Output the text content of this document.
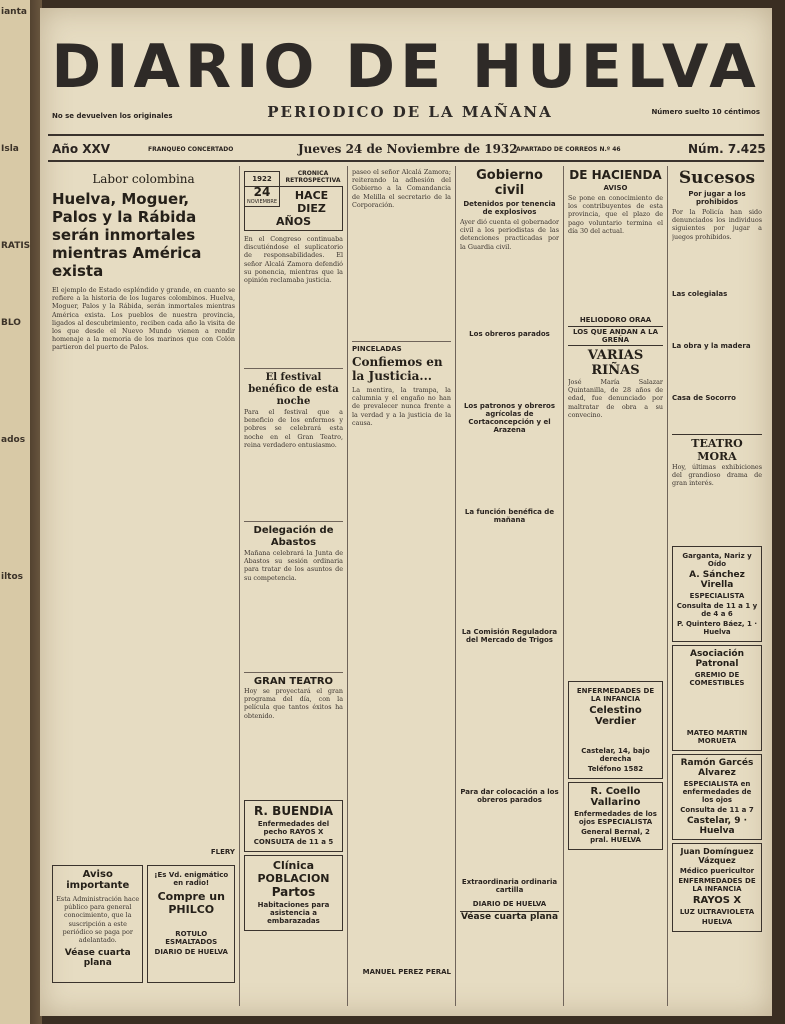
ianta
Isla
RATIS
BLO
ados
iltos
DIARIO DE HUELVA
No se devuelven los originales	PERIODICO DE LA MAÑANA	Número suelto 10 céntimos
Año XXV	FRANQUEO CONCERTADO	Jueves 24 de Noviembre de 1932
APARTADO DE CORREOS N.º 46	Núm. 7.425
Labor colombina
Huelva, Moguer, Palos y la Rábida serán inmortales mientras América exista
El ejemplo de Estado espléndido y grande, en cuanto se refiere a la historia de los lugares colombinos. Huelva, Moguer, Palos y la Rábida, serán inmortales mientras América exista. Los pueblos de nuestra provincia, ligados al descubrimiento, reciben cada año la visita de los que desde el Nuevo Mundo vienen a rendir homenaje a la memoria de los marinos que con Colón partieron del puerto de Palos.
FLERY
Aviso importante
Esta Administración hace público para general conocimiento, que la suscripción a este periódico se paga por adelantado.
Véase cuarta plana
¡Es Vd. enigmático en radio!
Compre un PHILCO
ROTULO ESMALTADOS
DIARIO DE HUELVA
1922
24
NOVIEMBRE
CRONICA RETROSPECTIVA
HACE DIEZ AÑOS
En el Congreso continuaba discutiéndose el suplicatorio de responsabilidades. El señor Alcalá Zamora defendió su ponencia, mientras que la opinión reclamaba justicia.
El festival benéfico de esta noche
Para el festival que a beneficio de los enfermos y pobres se celebrará esta noche en el Gran Teatro, reina verdadero entusiasmo.
Delegación de Abastos
Mañana celebrará la Junta de Abastos su sesión ordinaria para tratar de los asuntos de su competencia.
GRAN TEATRO
Hoy se proyectará el gran programa del día, con la película que tantos éxitos ha obtenido.
R. BUENDIA
Enfermedades del pecho RAYOS X
CONSULTA de 11 a 5
Clínica POBLACION
Partos
Habitaciones para asistencia a embarazadas
paseo el señor Alcalá Zamora; reiterando la adhesión del Gobierno a la Comandancia de Melilla el secretario de la Corporación.
PINCELADAS
Confiemos en la Justicia...
La mentira, la trampa, la calumnia y el engaño no han de prevalecer nunca frente a la verdad y a la justicia de la causa.
MANUEL PEREZ PERAL
Gobierno civil
Detenidos por tenencia de explosivos
Ayer dió cuenta el gobernador civil a los periodistas de las detenciones practicadas por la Guardia civil.
Los obreros parados
Los patronos y obreros agrícolas de Cortaconcepción y el Arazena
La función benéfica de mañana
La Comisión Reguladora del Mercado de Trigos
Para dar colocación a los obreros parados
Extraordinaria ordinaria cartilla
DIARIO DE HUELVA
Véase cuarta plana
DE HACIENDA
AVISO
Se pone en conocimiento de los contribuyentes de esta provincia, que el plazo de pago voluntario termina el día 30 del actual.
HELIODORO ORAA
LOS QUE ANDAN A LA GREÑA
VARIAS RIÑAS
José María Salazar Quintanilla, de 28 años de edad, fue denunciado por maltratar de obra a su convecino.
ENFERMEDADES DE LA INFANCIA
Celestino Verdier
Castelar, 14, bajo derecha
Teléfono 1582
R. Coello Vallarino
Enfermedades de los ojos ESPECIALISTA
General Bernal, 2 pral. HUELVA
Sucesos
Por jugar a los prohibidos
Por la Policía han sido denunciados los individuos siguientes por jugar a juegos prohibidos.
Las colegialas
La obra y la madera
Casa de Socorro
TEATRO MORA
Hoy, últimas exhibiciones del grandioso drama de gran interés.
Garganta, Nariz y Oído
A. Sánchez Virella
ESPECIALISTA
Consulta de 11 a 1 y de 4 a 6
P. Quintero Báez, 1 · Huelva
Asociación Patronal
GREMIO DE COMESTIBLES
MATEO MARTIN MORUETA
Ramón Garcés Alvarez
ESPECIALISTA en enfermedades de los ojos
Consulta de 11 a 7
Castelar, 9 · Huelva
Juan Domínguez Vázquez
Médico puericultor
ENFERMEDADES DE LA INFANCIA
RAYOS X
LUZ ULTRAVIOLETA
HUELVA
